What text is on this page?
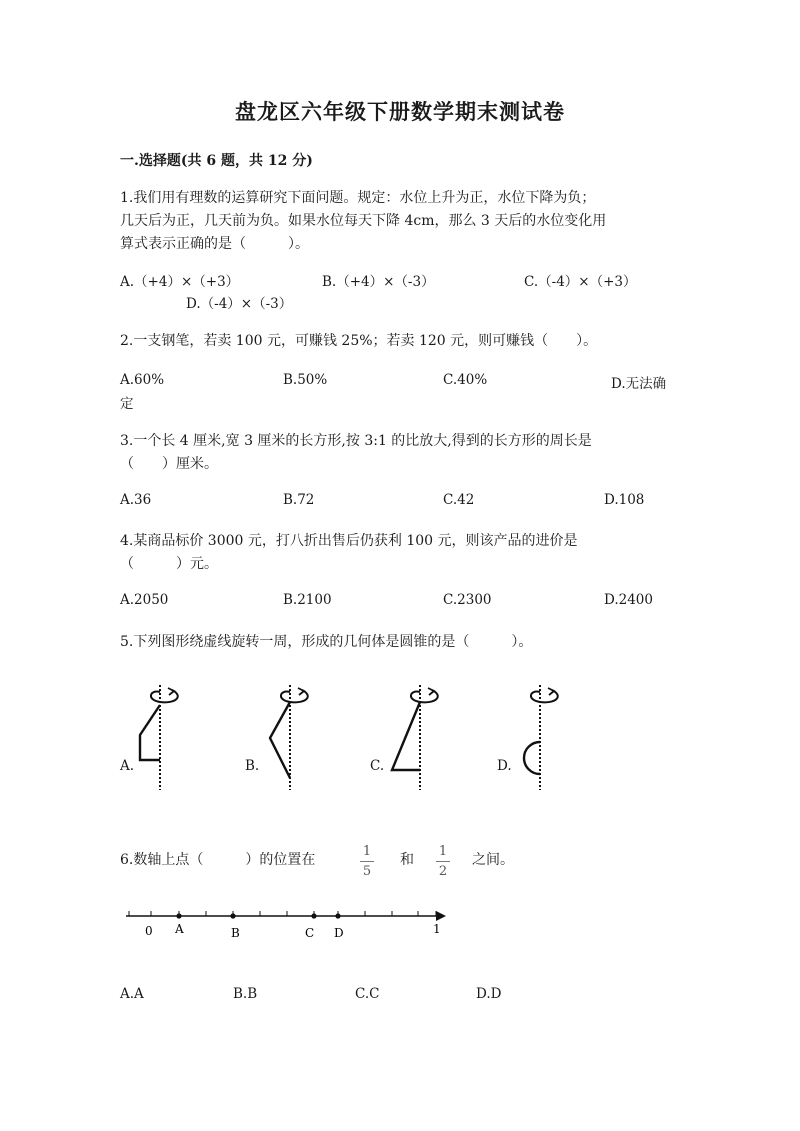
盘龙区六年级下册数学期末测试卷
一.选择题(共 6 题，共 12 分)
1.我们用有理数的运算研究下面问题。规定：水位上升为正，水位下降为负；
几天后为正，几天前为负。如果水位每天下降 4cm，那么 3 天后的水位变化用
算式表示正确的是（　　　）。
A.（+4）×（+3）	B.（+4）×（-3）	C.（-4）×（+3）
D.（-4）×（-3）
2.一支钢笔，若卖 100 元，可赚钱 25%；若卖 120 元，则可赚钱（　　）。
A.60%	B.50%	C.40%	D.无法确
定
3.一个长 4 厘米,宽 3 厘米的长方形,按 3:1 的比放大,得到的长方形的周长是
（　　）厘米。
A.36	B.72	C.42	D.108
4.某商品标价 3000 元，打八折出售后仍获利 100 元，则该产品的进价是
（　　　）元。
A.2050	B.2100	C.2300	D.2400
5.下列图形绕虚线旋转一周，形成的几何体是圆锥的是（　　　）。
A.	B.	C.	D.
6.数轴上点（　　　）的位置在
1
5
和
1
2
之间。
0 A	B	C D	1
A.A	B.B	C.C	D.D
